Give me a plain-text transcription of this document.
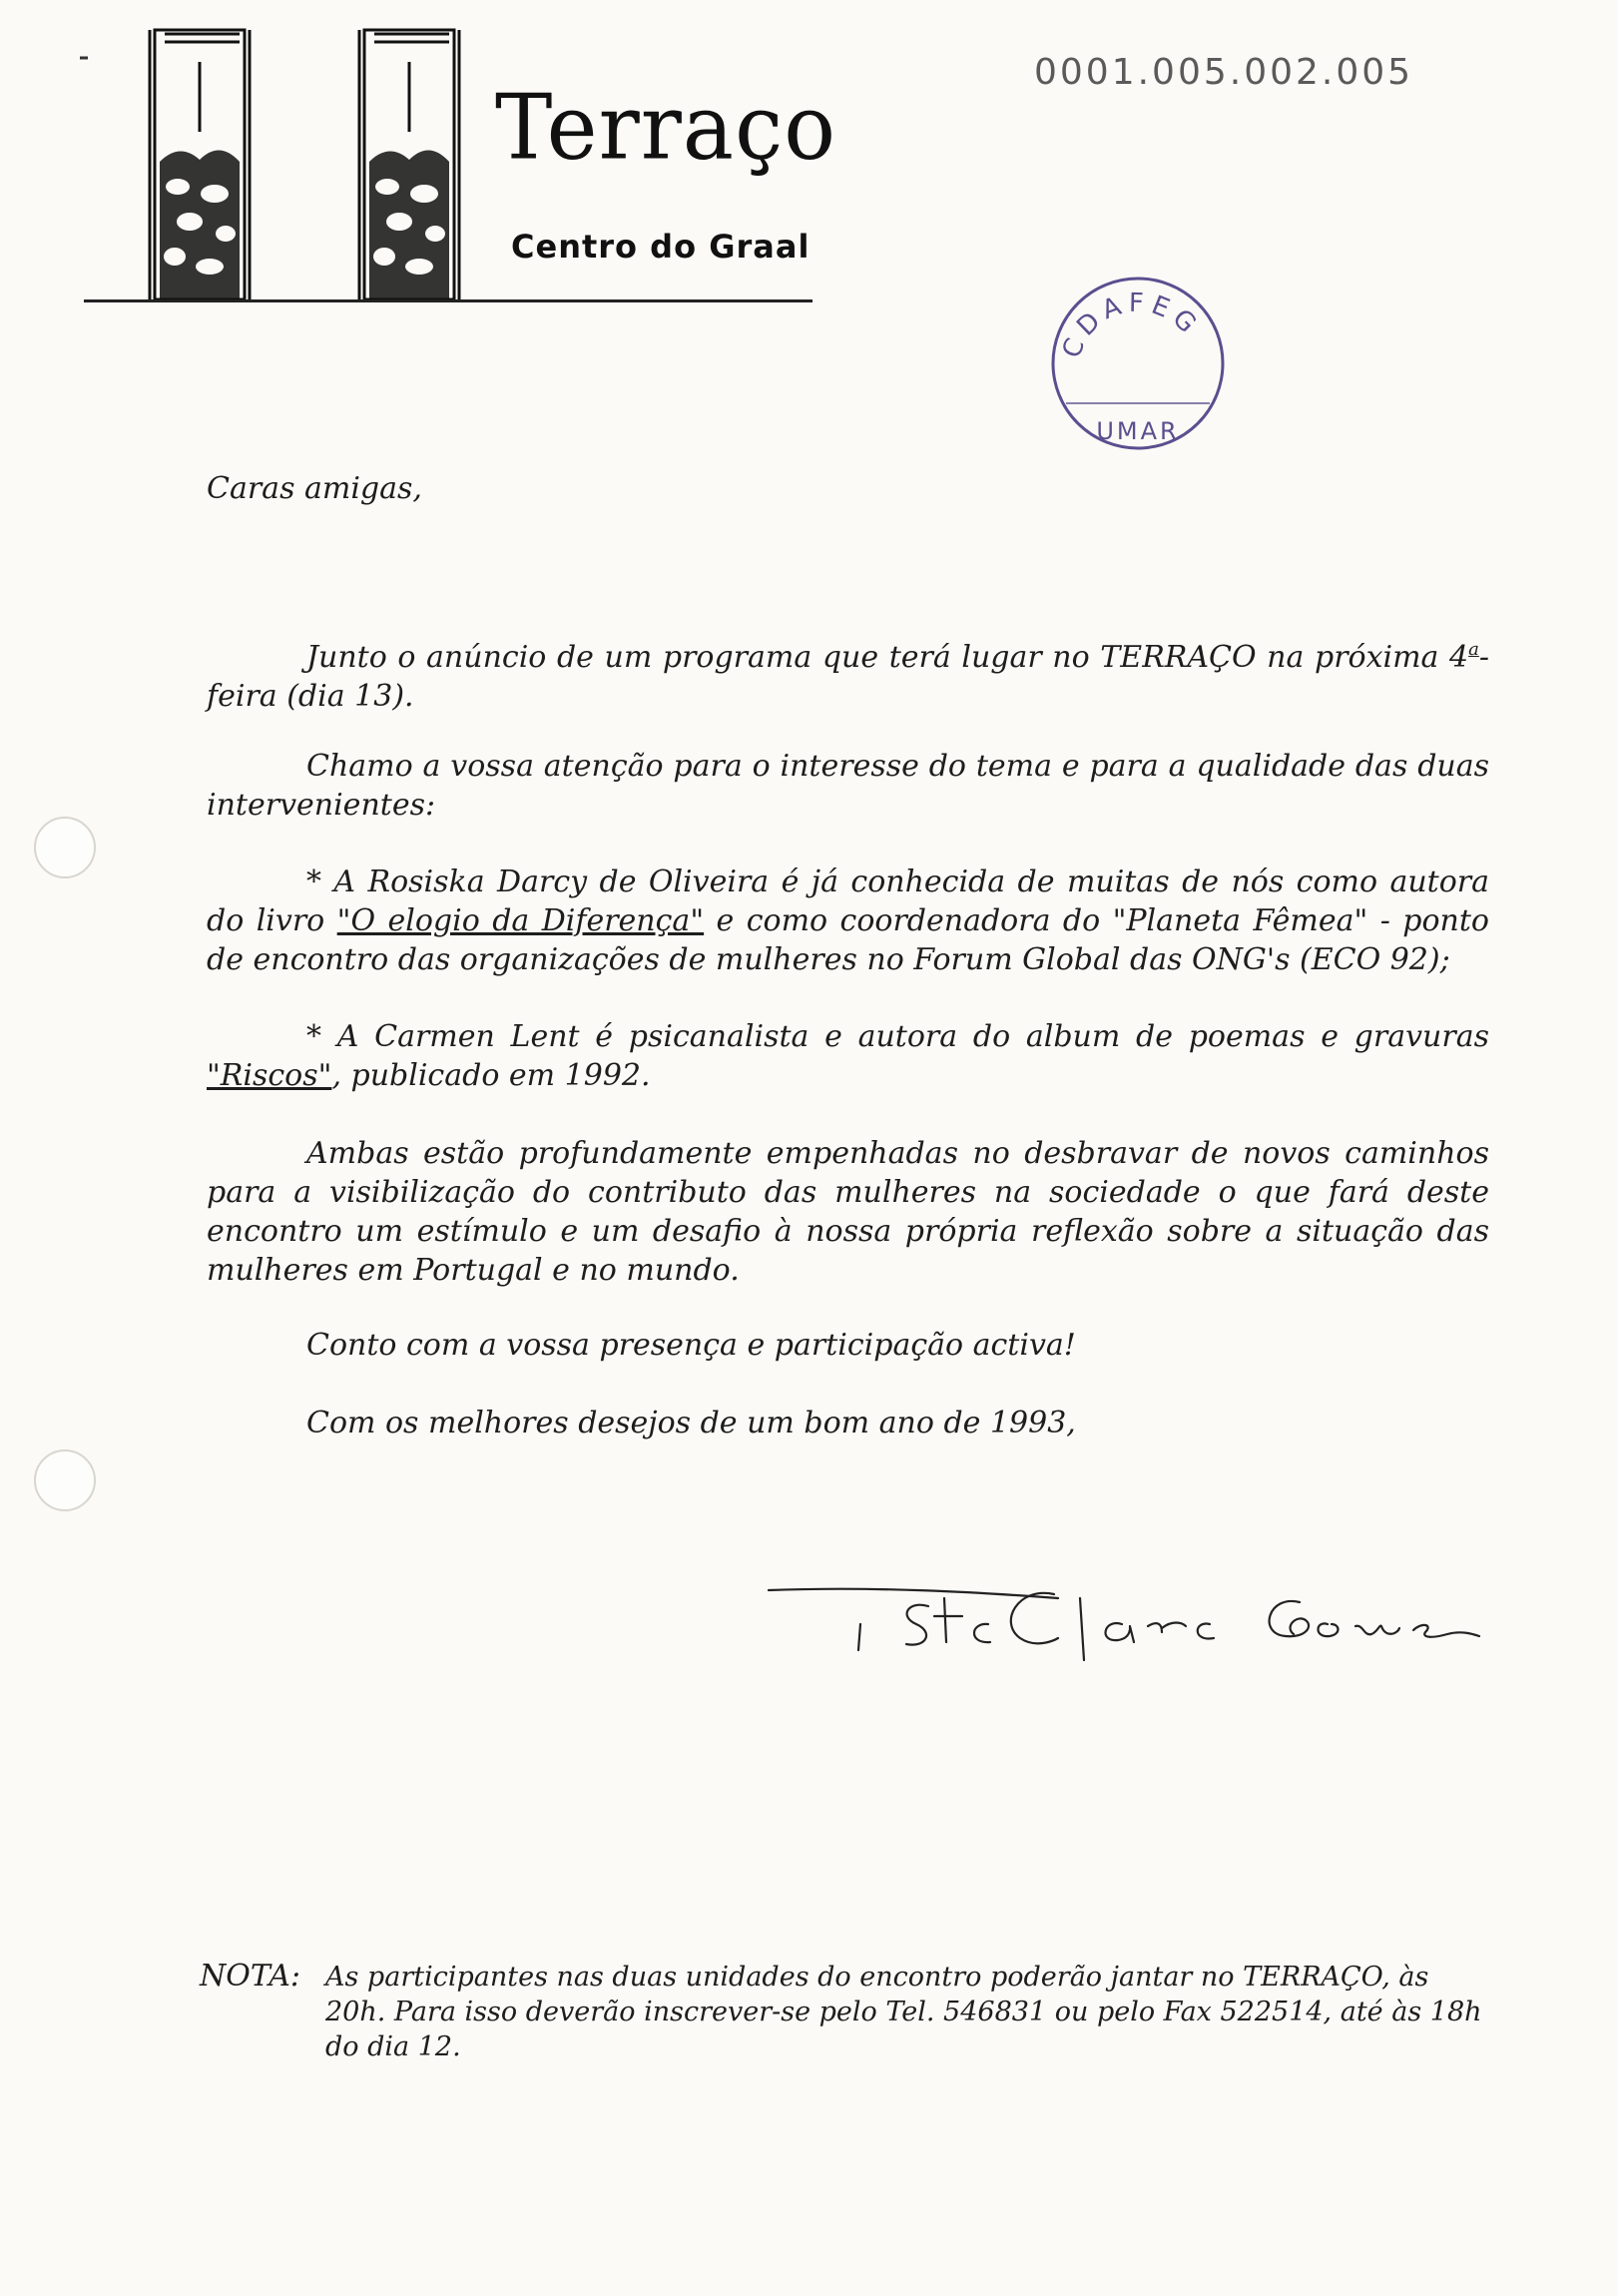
Terraço
Centro do Graal
0001.005.002.005
CDAFEG
UMAR
Caras amigas,
Junto o anúncio de um programa que terá lugar no TERRAÇO na próxima 4$^a$-feira (dia 13).
Chamo a vossa atenção para o interesse do tema e para a qualidade das duas intervenientes:
* A Rosiska Darcy de Oliveira é já conhecida de muitas de nós como autora do livro "O elogio da Diferença" e como coordenadora do "Planeta Fêmea" - ponto de encontro das organizações de mulheres no Forum Global das ONG's (ECO 92);
* A Carmen Lent é psicanalista e autora do album de poemas e gravuras "Riscos", publicado em 1992.
Ambas estão profundamente empenhadas no desbravar de novos caminhos para a visibilização do contributo das mulheres na sociedade o que fará deste encontro um estímulo e um desafio à nossa própria reflexão sobre a situação das mulheres em Portugal e no mundo.
Conto com a vossa presença e participação activa!
Com os melhores desejos de um bom ano de 1993,
NOTA: As participantes nas duas unidades do encontro poderão jantar no TERRAÇO, às 20h. Para isso deverão inscrever-se pelo Tel. 546831 ou pelo Fax 522514, até às 18h do dia 12.
